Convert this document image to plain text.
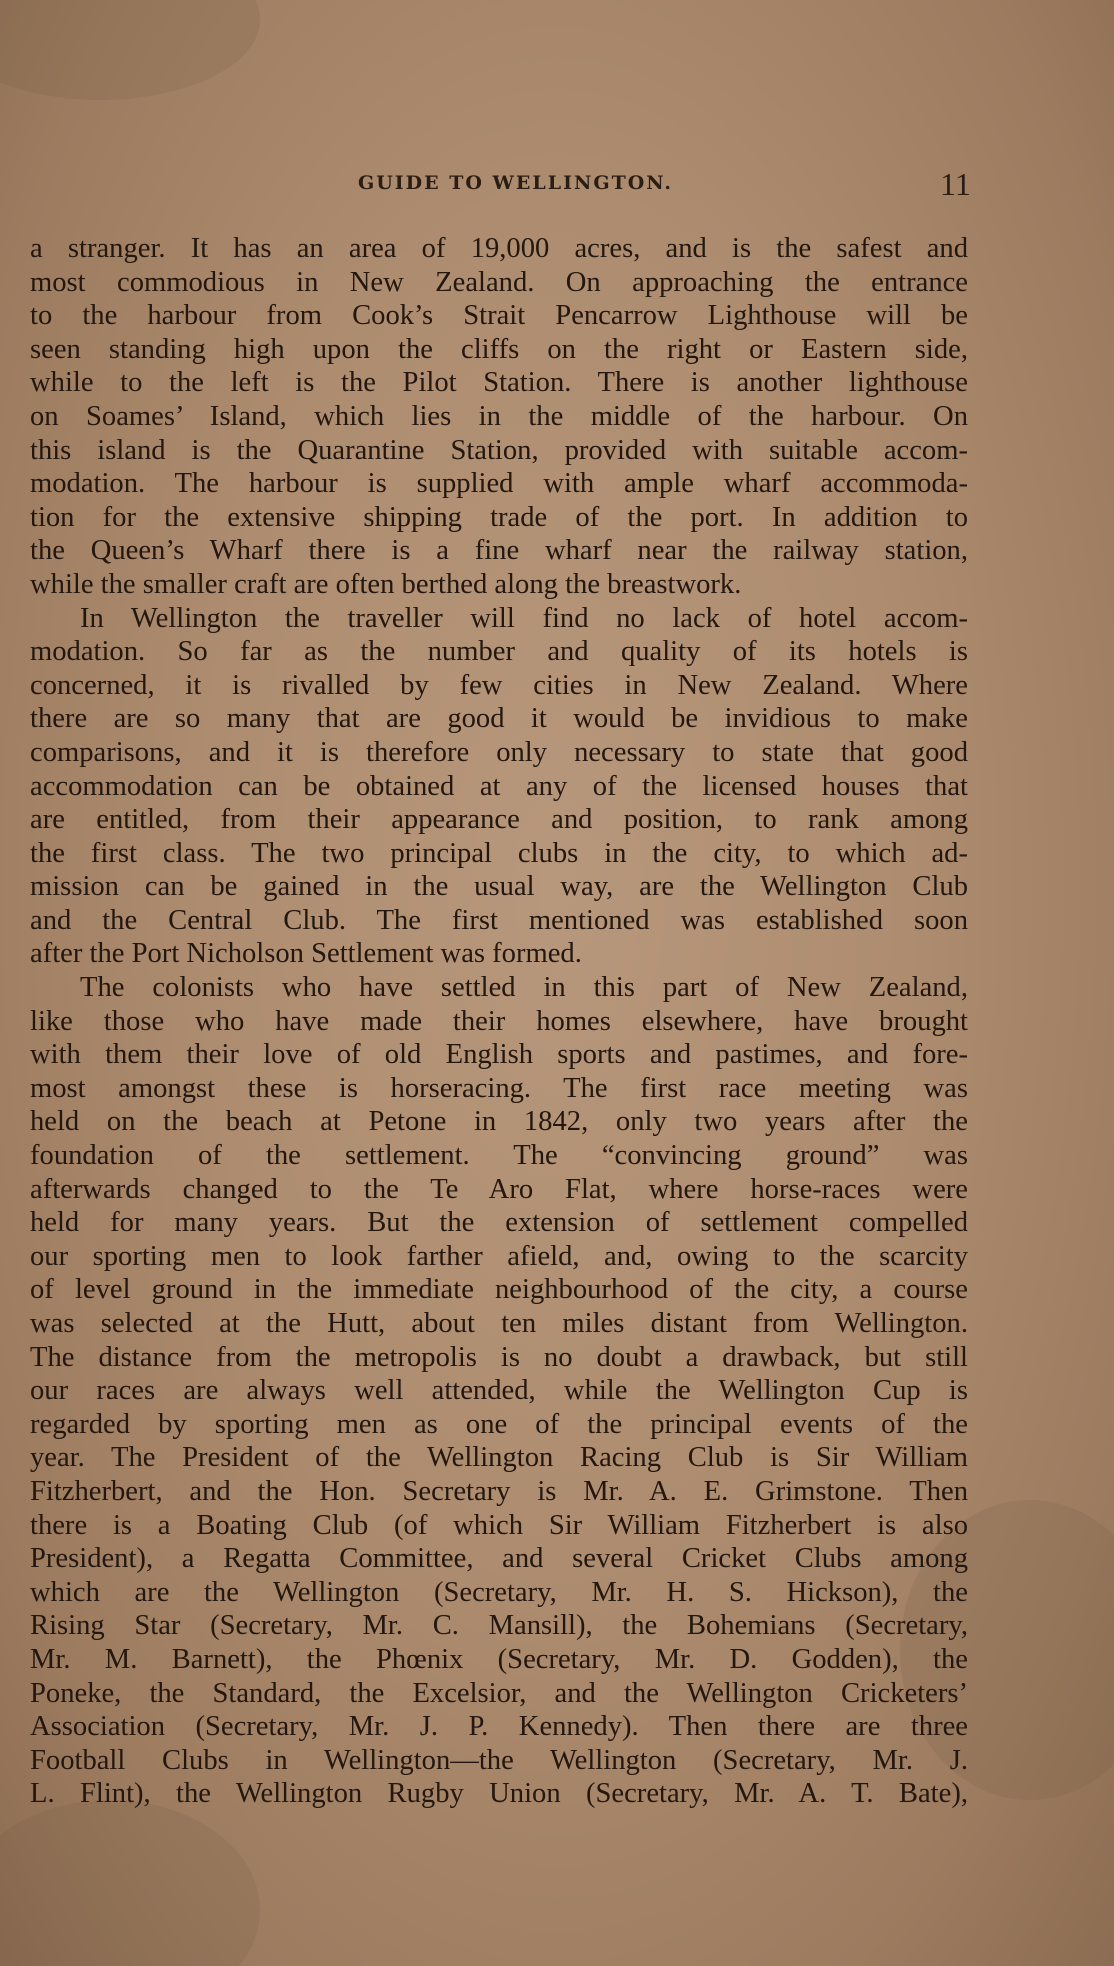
GUIDE TO WELLINGTON.	11
a stranger. It has an area of 19,000 acres, and is the safest and
most commodious in New Zealand. On approaching the entrance
to the harbour from Cook’s Strait Pencarrow Lighthouse will be
seen standing high upon the cliffs on the right or Eastern side,
while to the left is the Pilot Station. There is another lighthouse
on Soames’ Island, which lies in the middle of the harbour. On
this island is the Quarantine Station, provided with suitable accom-
modation. The harbour is supplied with ample wharf accommoda-
tion for the extensive shipping trade of the port. In addition to
the Queen’s Wharf there is a fine wharf near the railway station,
while the smaller craft are often berthed along the breastwork.
In Wellington the traveller will find no lack of hotel accom-
modation. So far as the number and quality of its hotels is
concerned, it is rivalled by few cities in New Zealand. Where
there are so many that are good it would be invidious to make
comparisons, and it is therefore only necessary to state that good
accommodation can be obtained at any of the licensed houses that
are entitled, from their appearance and position, to rank among
the first class. The two principal clubs in the city, to which ad-
mission can be gained in the usual way, are the Wellington Club
and the Central Club. The first mentioned was established soon
after the Port Nicholson Settlement was formed.
The colonists who have settled in this part of New Zealand,
like those who have made their homes elsewhere, have brought
with them their love of old English sports and pastimes, and fore-
most amongst these is horseracing. The first race meeting was
held on the beach at Petone in 1842, only two years after the
foundation of the settlement. The “convincing ground” was
afterwards changed to the Te Aro Flat, where horse-races were
held for many years. But the extension of settlement compelled
our sporting men to look farther afield, and, owing to the scarcity
of level ground in the immediate neighbourhood of the city, a course
was selected at the Hutt, about ten miles distant from Wellington.
The distance from the metropolis is no doubt a drawback, but still
our races are always well attended, while the Wellington Cup is
regarded by sporting men as one of the principal events of the
year. The President of the Wellington Racing Club is Sir William
Fitzherbert, and the Hon. Secretary is Mr. A. E. Grimstone. Then
there is a Boating Club (of which Sir William Fitzherbert is also
President), a Regatta Committee, and several Cricket Clubs among
which are the Wellington (Secretary, Mr. H. S. Hickson), the
Rising Star (Secretary, Mr. C. Mansill), the Bohemians (Secretary,
Mr. M. Barnett), the Phœnix (Secretary, Mr. D. Godden), the
Poneke, the Standard, the Excelsior, and the Wellington Cricketers’
Association (Secretary, Mr. J. P. Kennedy). Then there are three
Football Clubs in Wellington—the Wellington (Secretary, Mr. J.
L. Flint), the Wellington Rugby Union (Secretary, Mr. A. T. Bate),
